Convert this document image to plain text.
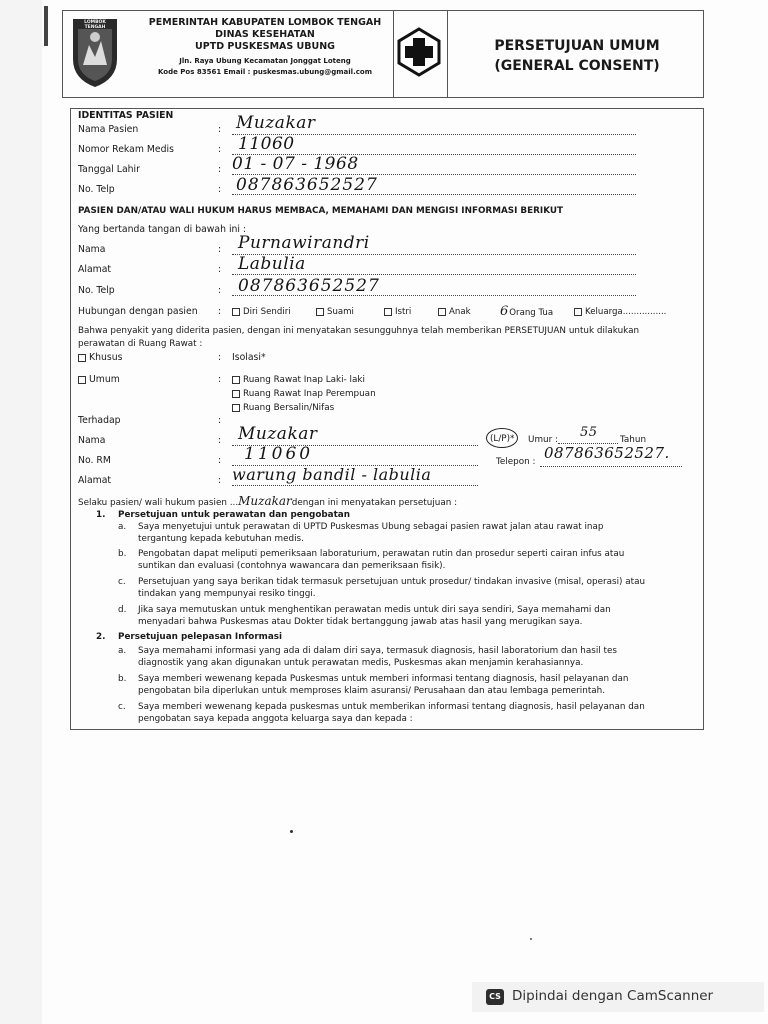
LOMBOK TENGAH	PEMERINTAH KABUPATEN LOMBOK TENGAH
DINAS KESEHATAN
UPTD PUSKESMAS UBUNG
Jln. Raya Ubung Kecamatan Jonggat Loteng
Kode Pos 83561 Email : puskesmas.ubung@gmail.com
PERSETUJUAN UMUM
(GENERAL CONSENT)
IDENTITAS PASIEN
Nama Pasien	: Muzakar
Nomor Rekam Medis	: 11060
Tanggal Lahir	: 01 - 07 - 1968
No. Telp	: 087863652527
PASIEN DAN/ATAU WALI HUKUM HARUS MEMBACA, MEMAHAMI DAN MENGISI INFORMASI BERIKUT
Yang bertanda tangan di bawah ini :
Nama	: Purnawirandri
Alamat	: Labulia
No. Telp	: 087863652527
Hubungan dengan pasien :	Diri Sendiri	Suami	Istri	Anak 6Orang Tua	Keluarga................
Bahwa penyakit yang diderita pasien, dengan ini menyatakan sesungguhnya telah memberikan PERSETUJUAN untuk dilakukan
perawatan di Ruang Rawat :
Khusus	: Isolasi*
Umum	:	Ruang Rawat Inap Laki- laki
Ruang Rawat Inap Perempuan
Ruang Bersalin/Nifas
Terhadap	:
Nama	: Muzakar	(L/P)* Umur : 55	Tahun
No. RM	: 11060	Telepon : 087863652527.
Alamat	: warung bandil - labulia
Selaku pasien/ wali hukum pasien ...Muzakardengan ini menyatakan persetujuan :
1. Persetujuan untuk perawatan dan pengobatan
a. Saya menyetujui untuk perawatan di UPTD Puskesmas Ubung sebagai pasien rawat jalan atau rawat inap
tergantung kepada kebutuhan medis.
b. Pengobatan dapat meliputi pemeriksaan laboraturium, perawatan rutin dan prosedur seperti cairan infus atau
suntikan dan evaluasi (contohnya wawancara dan pemeriksaan fisik).
c. Persetujuan yang saya berikan tidak termasuk persetujuan untuk prosedur/ tindakan invasive (misal, operasi) atau
tindakan yang mempunyai resiko tinggi.
d. Jika saya memutuskan untuk menghentikan perawatan medis untuk diri saya sendiri, Saya memahami dan
menyadari bahwa Puskesmas atau Dokter tidak bertanggung jawab atas hasil yang merugikan saya.
2. Persetujuan pelepasan Informasi
a. Saya memahami informasi yang ada di dalam diri saya, termasuk diagnosis, hasil laboratorium dan hasil tes
diagnostik yang akan digunakan untuk perawatan medis, Puskesmas akan menjamin kerahasiannya.
b. Saya memberi wewenang kepada Puskesmas untuk memberi informasi tentang diagnosis, hasil pelayanan dan
pengobatan bila diperlukan untuk memproses klaim asuransi/ Perusahaan dan atau lembaga pemerintah.
c. Saya memberi wewenang kepada puskesmas untuk memberikan informasi tentang diagnosis, hasil pelayanan dan
pengobatan saya kepada anggota keluarga saya dan kepada :
CS Dipindai dengan CamScanner
